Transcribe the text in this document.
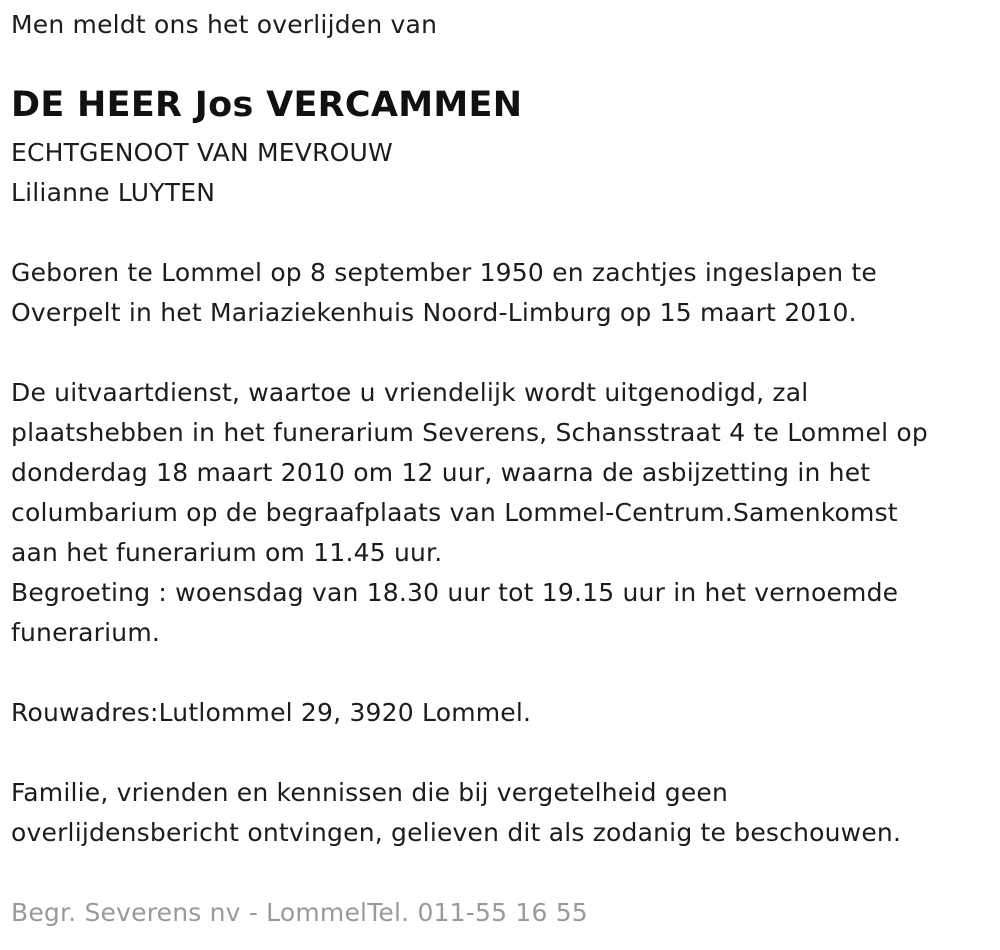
Men meldt ons het overlijden van
DE HEER Jos VERCAMMEN
ECHTGENOOT VAN MEVROUW
Lilianne LUYTEN
Geboren te Lommel op 8 september 1950 en zachtjes ingeslapen te
Overpelt in het Mariaziekenhuis Noord-Limburg op 15 maart 2010.
De uitvaartdienst, waartoe u vriendelijk wordt uitgenodigd, zal
plaatshebben in het funerarium Severens, Schansstraat 4 te Lommel op
donderdag 18 maart 2010 om 12 uur, waarna de asbijzetting in het
columbarium op de begraafplaats van Lommel-Centrum.Samenkomst
aan het funerarium om 11.45 uur.
Begroeting : woensdag van 18.30 uur tot 19.15 uur in het vernoemde
funerarium.
Rouwadres:Lutlommel 29, 3920 Lommel.
Familie, vrienden en kennissen die bij vergetelheid geen
overlijdensbericht ontvingen, gelieven dit als zodanig te beschouwen.
Begr. Severens nv - LommelTel. 011-55 16 55
